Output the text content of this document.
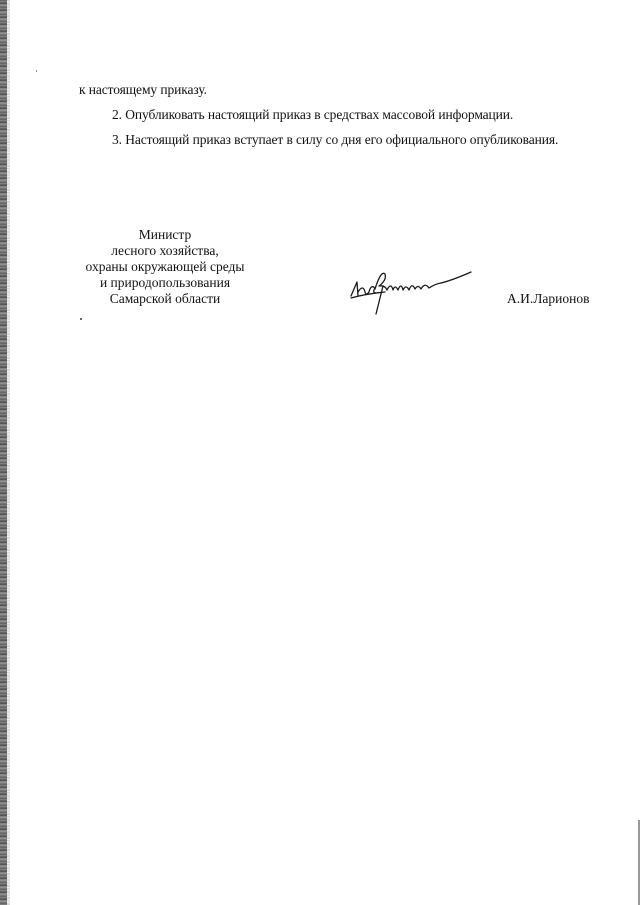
к настоящему приказу.
2. Опубликовать настоящий приказ в средствах массовой информации.
3. Настоящий приказ вступает в силу со дня его официального опубликования.
Министр
лесного хозяйства,
охраны окружающей среды
и природопользования
Самарской области	А.И.Ларионов
